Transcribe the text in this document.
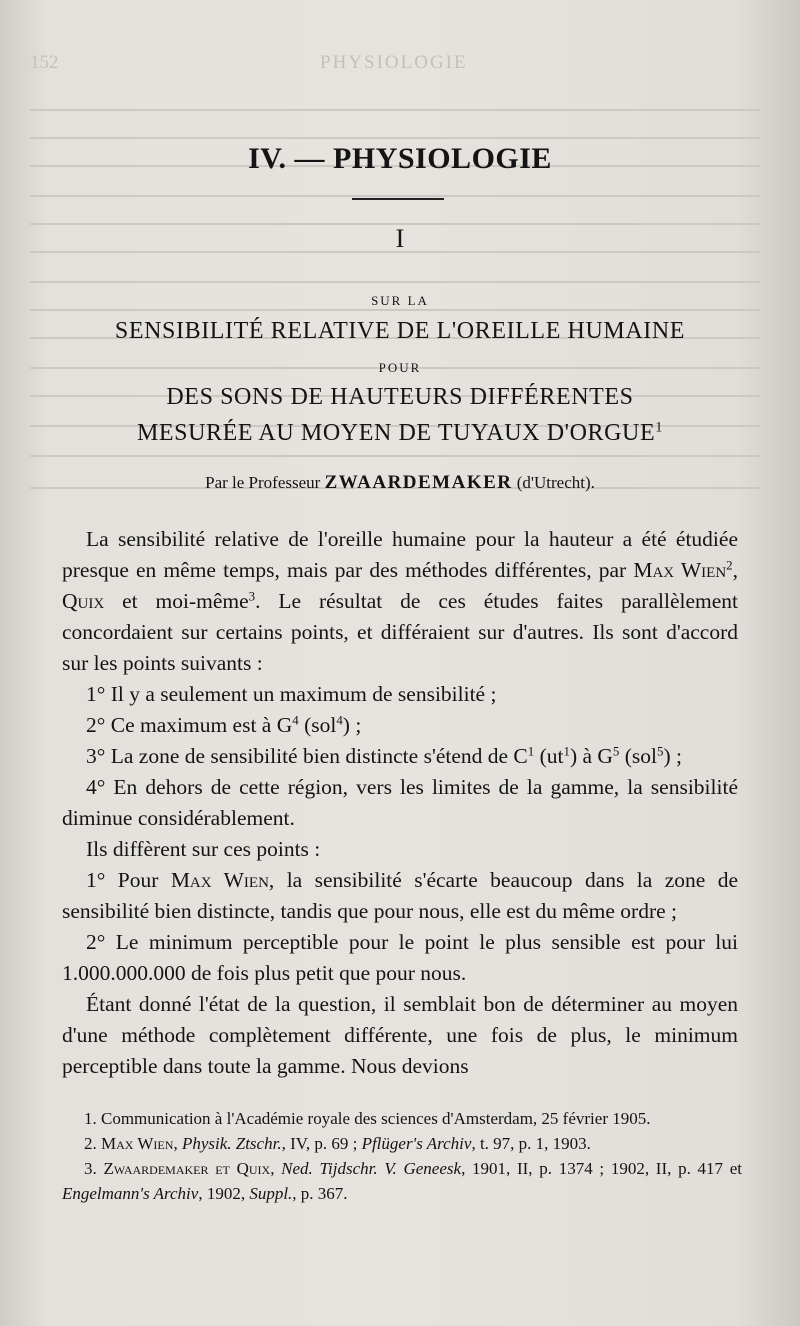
152	PHYSIOLOGIE
IV. — PHYSIOLOGIE
I
SUR LA
SENSIBILITÉ RELATIVE DE L'OREILLE HUMAINE
POUR
DES SONS DE HAUTEURS DIFFÉRENTES
MESURÉE AU MOYEN DE TUYAUX D'ORGUE$^1$
Par le Professeur ZWAARDEMAKER (d'Utrecht).

La sensibilité relative de l'oreille humaine pour la hauteur a été étudiée presque en même temps, mais par des méthodes différentes, par Max Wien$^2$, Quix et moi-même$^3$. Le résultat de ces études faites parallèlement concordaient sur certains points, et différaient sur d'autres. Ils sont d'accord sur les points suivants :

1° Il y a seulement un maximum de sensibilité ;

2° Ce maximum est à $G^4$ (sol$^4$) ;

3° La zone de sensibilité bien distincte s'étend de $C^1$ $(ut^1)$ à $G^5$ (sol$^5$) ;

4° En dehors de cette région, vers les limites de la gamme, la sensibilité diminue considérablement.

Ils diffèrent sur ces points :

1° Pour Max Wien, la sensibilité s'écarte beaucoup dans la zone de sensibilité bien distincte, tandis que pour nous, elle est du même ordre ;

2° Le minimum perceptible pour le point le plus sensible est pour lui 1.000.000.000 de fois plus petit que pour nous.

Étant donné l'état de la question, il semblait bon de déterminer au moyen d'une méthode complètement différente, une fois de plus, le minimum perceptible dans toute la gamme. Nous devions

1. Communication à l'Académie royale des sciences d'Amsterdam, 25 février 1905.

2. Max Wien, Physik. Ztschr., IV, p. 69 ; Pflüger's Archiv, t. 97, p. 1, 1903.

3. Zwaardemaker et Quix, Ned. Tijdschr. V. Geneesk, 1901, II, p. 1374 ; 1902, II, p. 417 et Engelmann's Archiv, 1902, Suppl., p. 367.
